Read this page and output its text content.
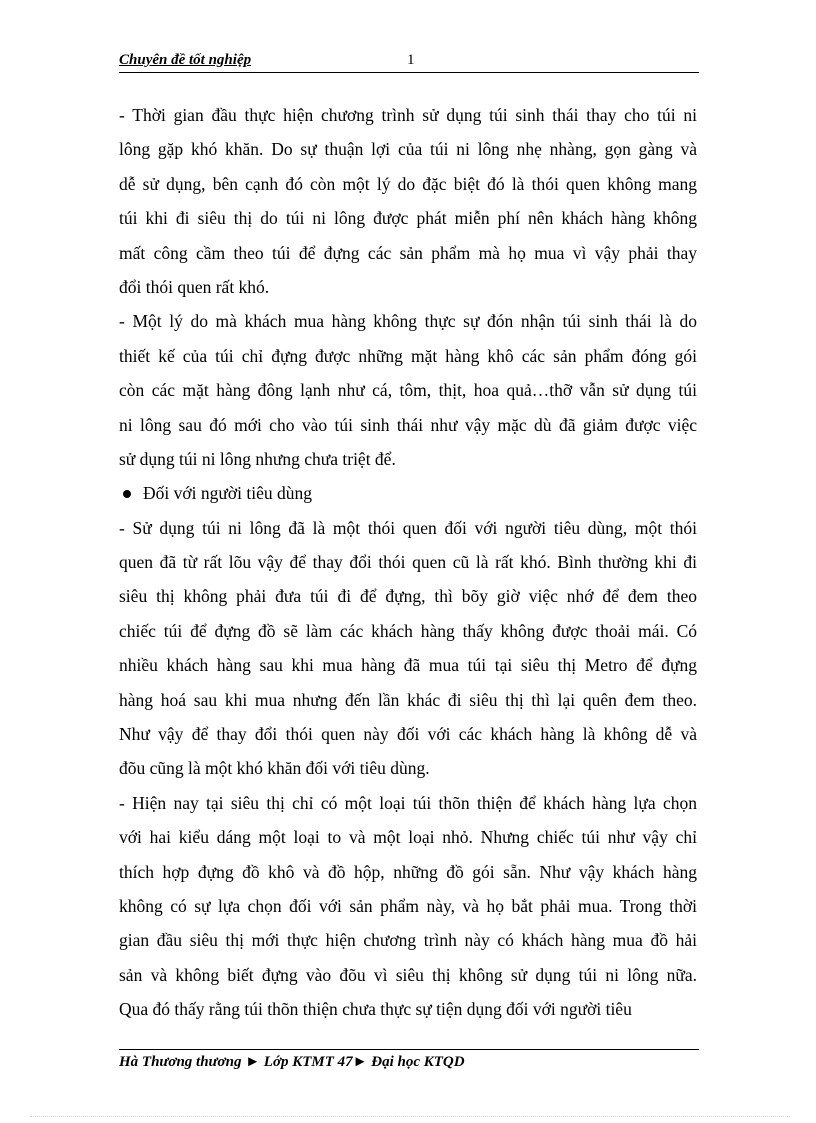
Chuyên đề tốt nghiệp	1
- Thời gian đầu thực hiện chương trình sử dụng túi sinh thái thay cho túi ni
lông gặp khó khăn. Do sự thuận lợi của túi ni lông nhẹ nhàng, gọn gàng và
dễ sử dụng, bên cạnh đó còn một lý do đặc biệt đó là thói quen không mang
túi khi đi siêu thị do túi ni lông được phát miễn phí nên khách hàng không
mất công cầm theo túi để đựng các sản phẩm mà họ mua vì vậy phải thay
đổi thói quen rất khó.
- Một lý do mà khách mua hàng không thực sự đón nhận túi sinh thái là do
thiết kế của túi chỉ đựng được những mặt hàng khô các sản phẩm đóng gói
còn các mặt hàng đông lạnh như cá, tôm, thịt, hoa quả…thỡ vẫn sử dụng túi
ni lông sau đó mới cho vào túi sinh thái như vậy mặc dù đã giảm được việc
sử dụng túi ni lông nhưng chưa triệt để.
Đối với người tiêu dùng
- Sử dụng túi ni lông đã là một thói quen đối với người tiêu dùng, một thói
quen đã từ rất lõu vậy để thay đổi thói quen cũ là rất khó. Bình thường khi đi
siêu thị không phải đưa túi đi để đựng, thì bõy giờ việc nhớ để đem theo
chiếc túi để đựng đồ sẽ làm các khách hàng thấy không được thoải mái. Có
nhiều khách hàng sau khi mua hàng đã mua túi tại siêu thị Metro để đựng
hàng hoá sau khi mua nhưng đến lần khác đi siêu thị thì lại quên đem theo.
Như vậy để thay đổi thói quen này đối với các khách hàng là không dễ và
đõu cũng là một khó khăn đối với tiêu dùng.
- Hiện nay tại siêu thị chỉ có một loại túi thõn thiện để khách hàng lựa chọn
với hai kiểu dáng một loại to và một loại nhỏ. Nhưng chiếc túi như vậy chỉ
thích hợp đựng đồ khô và đồ hộp, những đồ gói sẵn. Như vậy khách hàng
không có sự lựa chọn đối với sản phẩm này, và họ bắt phải mua. Trong thời
gian đầu siêu thị mới thực hiện chương trình này có khách hàng mua đồ hải
sản và không biết đựng vào đõu vì siêu thị không sử dụng túi ni lông nữa.
Qua đó thấy rằng túi thõn thiện chưa thực sự tiện dụng đối với người tiêu
Hà Thương thương ► Lớp KTMT 47► Đại học KTQD
